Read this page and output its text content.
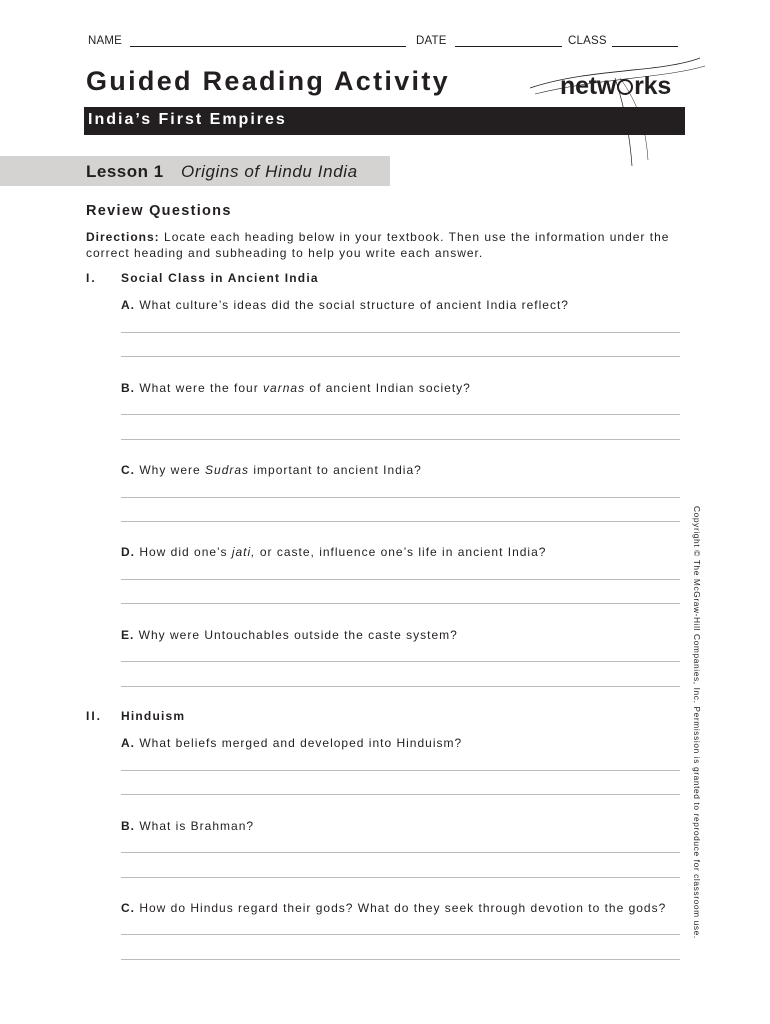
NAME	DATE	CLASS
Guided Reading Activity	netw rks
India’s First Empires
Lesson 1 Origins of Hindu India
Review Questions
Directions: Locate each heading below in your textbook. Then use the information under the correct heading and subheading to help you write each answer.
I. Social Class in Ancient India
A. What culture’s ideas did the social structure of ancient India reflect?
B. What were the four varnas of ancient Indian society?
C. Why were Sudras important to ancient India?
D. How did one’s jati, or caste, influence one’s life in ancient India?
E. Why were Untouchables outside the caste system?
II. Hinduism
A. What beliefs merged and developed into Hinduism?
B. What is Brahman?
C. How do Hindus regard their gods? What do they seek through devotion to the gods?	Copyright © The McGraw-Hill Companies, Inc. Permission is granted to reproduce for classroom use.
